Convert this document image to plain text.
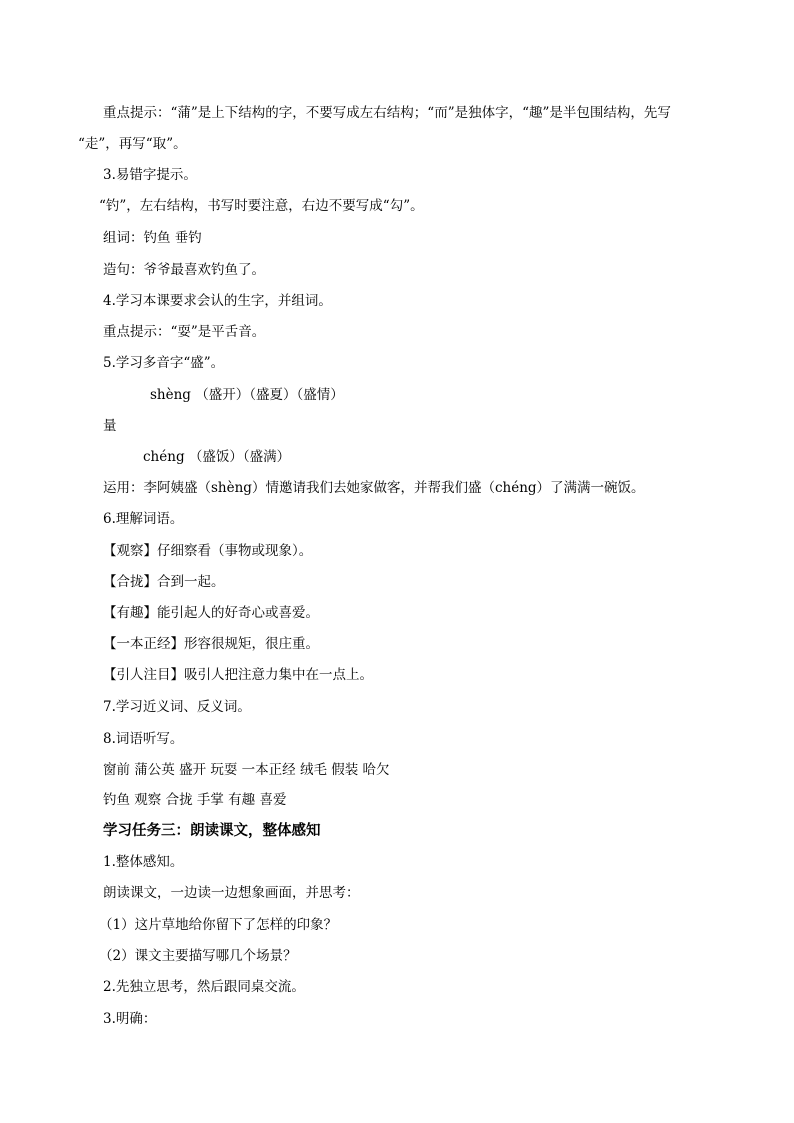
重点提示：“蒲”是上下结构的字，不要写成左右结构；“而”是独体字，“趣”是半包围结构，先写
“走”，再写“取”。
3.易错字提示。
“钓”，左右结构，书写时要注意，右边不要写成“勾”。
组词：钓鱼 垂钓
造句：爷爷最喜欢钓鱼了。
4.学习本课要求会认的生字，并组词。
重点提示：“耍”是平舌音。
5.学习多音字“盛”。
shèng （盛开）（盛夏）（盛情）
量
chéng （盛饭）（盛满）
运用：李阿姨盛（shèng）情邀请我们去她家做客，并帮我们盛（chéng）了满满一碗饭。
6.理解词语。
【观察】仔细察看（事物或现象）。
【合拢】合到一起。
【有趣】能引起人的好奇心或喜爱。
【一本正经】形容很规矩，很庄重。
【引人注目】吸引人把注意力集中在一点上。
7.学习近义词、反义词。
8.词语听写。
窗前 蒲公英 盛开 玩耍 一本正经 绒毛 假装 哈欠
钓鱼 观察 合拢 手掌 有趣 喜爱
学习任务三：朗读课文，整体感知
1.整体感知。
朗读课文，一边读一边想象画面，并思考：
（1）这片草地给你留下了怎样的印象？
（2）课文主要描写哪几个场景？
2.先独立思考，然后跟同桌交流。
3.明确：
